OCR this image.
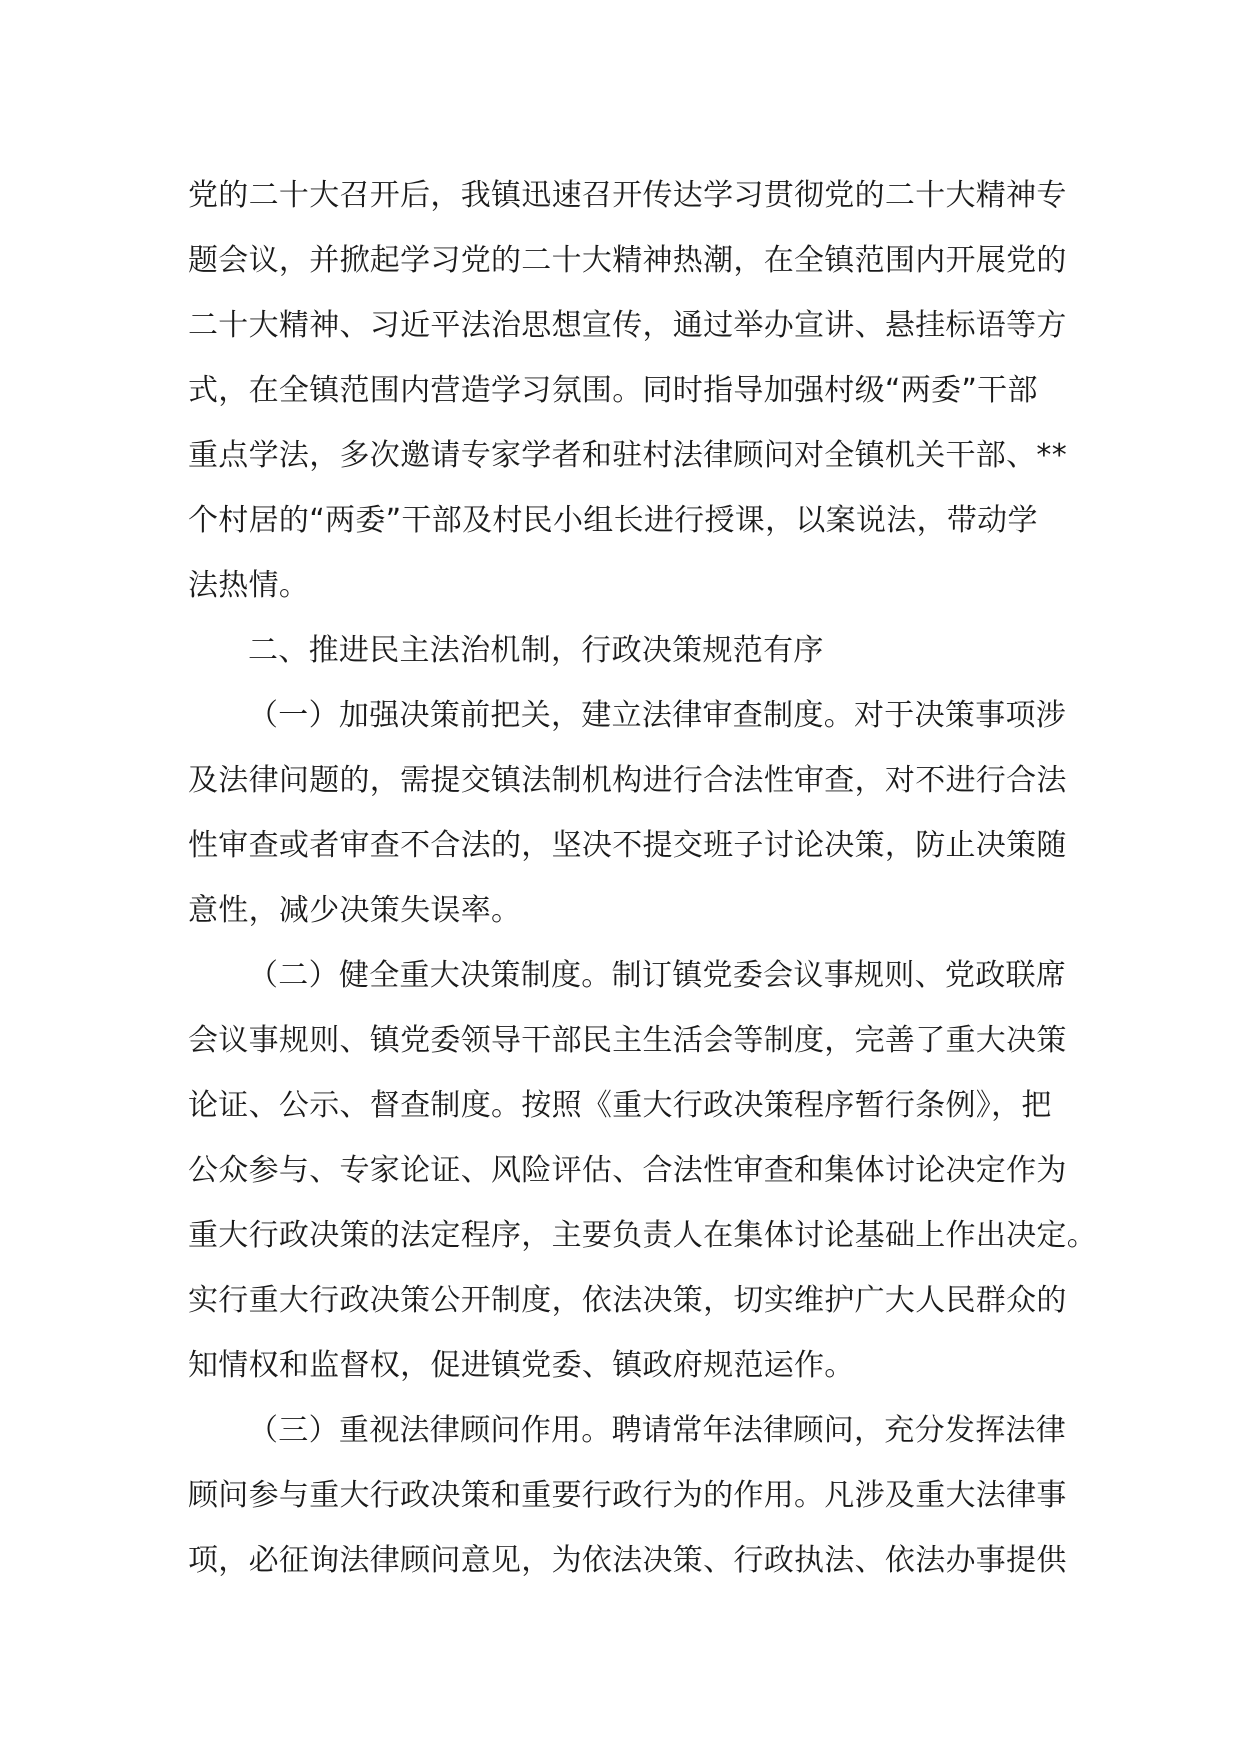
党的二十大召开后，我镇迅速召开传达学习贯彻党的二十大精神专
题会议，并掀起学习党的二十大精神热潮，在全镇范围内开展党的
二十大精神、习近平法治思想宣传，通过举办宣讲、悬挂标语等方
式，在全镇范围内营造学习氛围。同时指导加强村级“两委”干部
重点学法，多次邀请专家学者和驻村法律顾问对全镇机关干部、**
个村居的“两委”干部及村民小组长进行授课，以案说法，带动学
法热情。
二、推进民主法治机制，行政决策规范有序
（一）加强决策前把关，建立法律审查制度。对于决策事项涉
及法律问题的，需提交镇法制机构进行合法性审查，对不进行合法
性审查或者审查不合法的，坚决不提交班子讨论决策，防止决策随
意性，减少决策失误率。
（二）健全重大决策制度。制订镇党委会议事规则、党政联席
会议事规则、镇党委领导干部民主生活会等制度，完善了重大决策
论证、公示、督查制度。按照《重大行政决策程序暂行条例》，把
公众参与、专家论证、风险评估、合法性审查和集体讨论决定作为
重大行政决策的法定程序，主要负责人在集体讨论基础上作出决定。
实行重大行政决策公开制度，依法决策，切实维护广大人民群众的
知情权和监督权，促进镇党委、镇政府规范运作。
（三）重视法律顾问作用。聘请常年法律顾问，充分发挥法律
顾问参与重大行政决策和重要行政行为的作用。凡涉及重大法律事
项，必征询法律顾问意见，为依法决策、行政执法、依法办事提供
